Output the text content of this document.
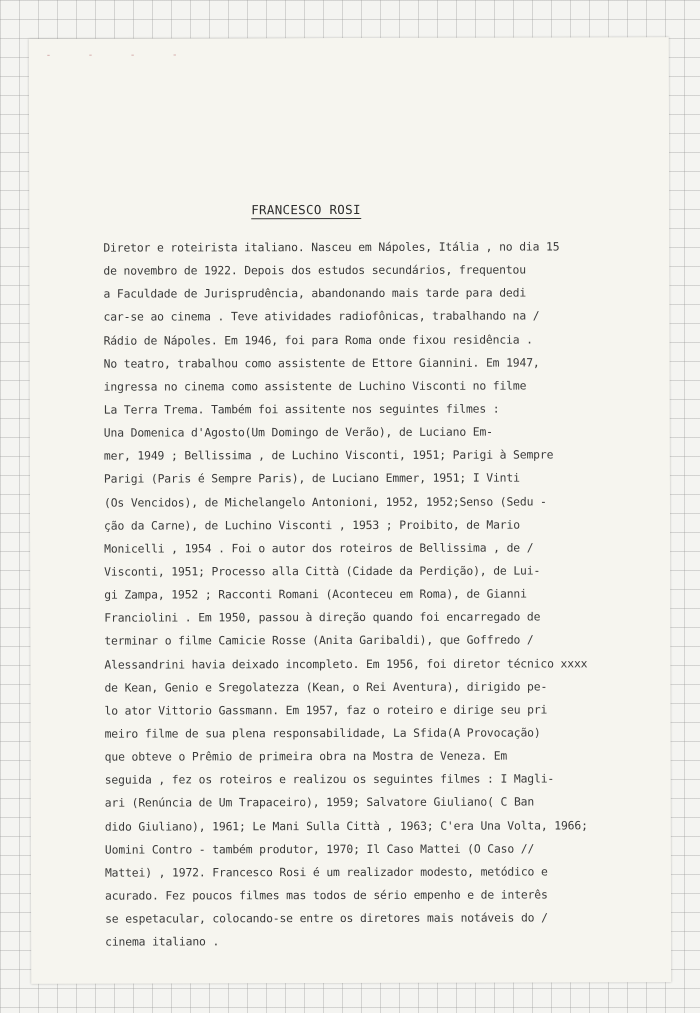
- - - -
FRANCESCO ROSI
Diretor e roteirista italiano. Nasceu em Nápoles, Itália , no dia 15
de novembro de 1922. Depois dos estudos secundários, frequentou
a Faculdade de Jurisprudência, abandonando mais tarde para dedi
car-se ao cinema . Teve atividades radiofônicas, trabalhando na /
Rádio de Nápoles. Em 1946, foi para Roma onde fixou residência .
No teatro, trabalhou como assistente de Ettore Giannini. Em 1947,
ingressa no cinema como assistente de Luchino Visconti no filme
La Terra Trema. Também foi assitente nos seguintes filmes :
Una Domenica d'Agosto(Um Domingo de Verão), de Luciano Em-
mer, 1949 ; Bellissima , de Luchino Visconti, 1951; Parigi à Sempre
Parigi (Paris é Sempre Paris), de Luciano Emmer, 1951; I Vinti
(Os Vencidos), de Michelangelo Antonioni, 1952, 1952;Senso (Sedu -
ção da Carne), de Luchino Visconti , 1953 ; Proibito, de Mario
Monicelli , 1954 . Foi o autor dos roteiros de Bellissima , de /
Visconti, 1951; Processo alla Città (Cidade da Perdição), de Lui-
gi Zampa, 1952 ; Racconti Romani (Aconteceu em Roma), de Gianni
Franciolini . Em 1950, passou à direção quando foi encarregado de
terminar o filme Camicie Rosse (Anita Garibaldi), que Goffredo /
Alessandrini havia deixado incompleto. Em 1956, foi diretor técnico xxxx
de Kean, Genio e Sregolatezza (Kean, o Rei Aventura), dirigido pe-
lo ator Vittorio Gassmann. Em 1957, faz o roteiro e dirige seu pri
meiro filme de sua plena responsabilidade, La Sfida(A Provocação)
que obteve o Prêmio de primeira obra na Mostra de Veneza. Em
seguida , fez os roteiros e realizou os seguintes filmes : I Magli-
ari (Renúncia de Um Trapaceiro), 1959; Salvatore Giuliano( C Ban
dido Giuliano), 1961; Le Mani Sulla Città , 1963; C'era Una Volta, 1966;
Uomini Contro - também produtor, 1970; Il Caso Mattei (O Caso //
Mattei) , 1972. Francesco Rosi é um realizador modesto, metódico e
acurado. Fez poucos filmes mas todos de sério empenho e de interês
se espetacular, colocando-se entre os diretores mais notáveis do /
cinema italiano .
